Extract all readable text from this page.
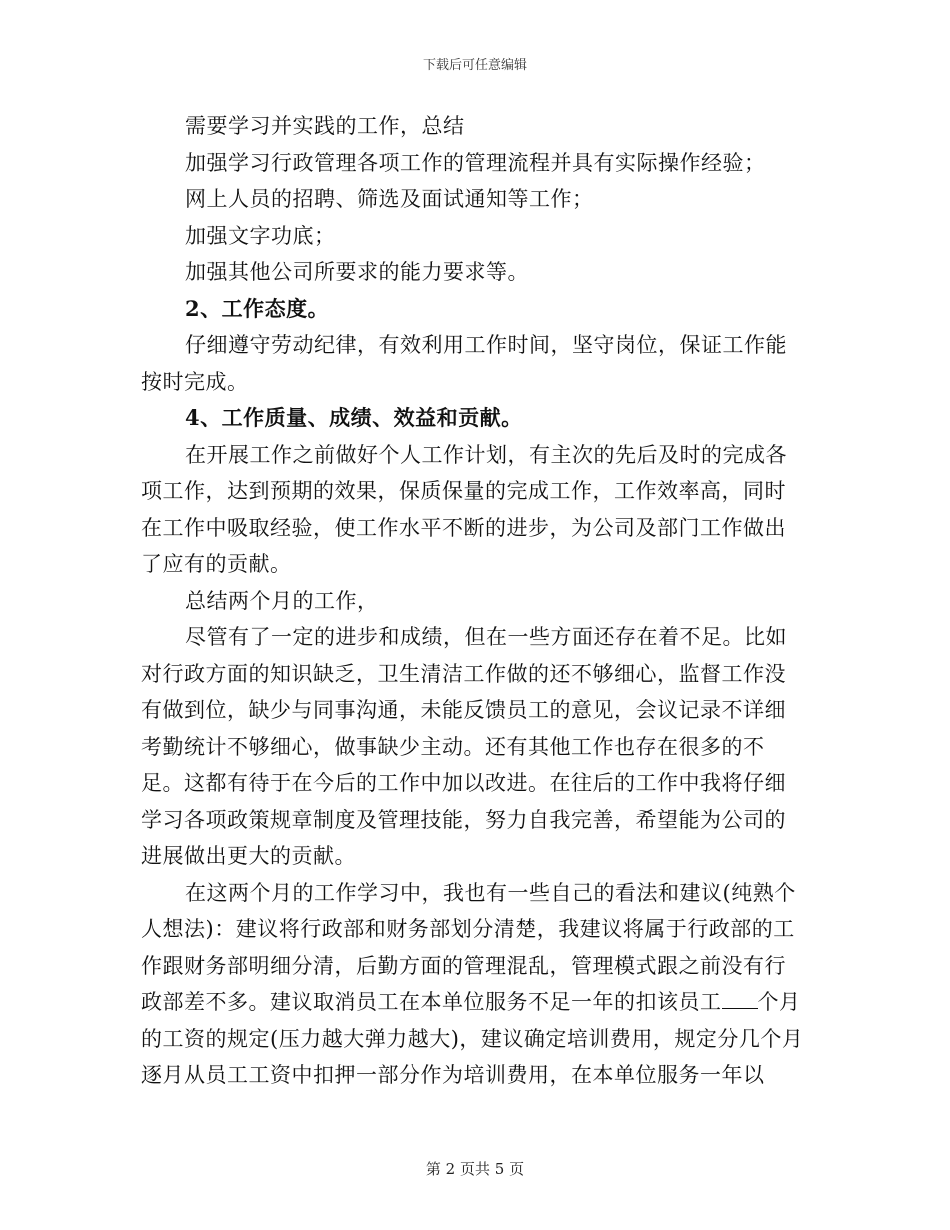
下载后可任意编辑

需要学习并实践的工作，总结

加强学习行政管理各项工作的管理流程并具有实际操作经验；

网上人员的招聘、筛选及面试通知等工作；

加强文字功底；

加强其他公司所要求的能力要求等。

2、工作态度。

仔细遵守劳动纪律，有效利用工作时间，坚守岗位，保证工作能按时完成。

4、工作质量、成绩、效益和贡献。

在开展工作之前做好个人工作计划，有主次的先后及时的完成各项工作，达到预期的效果，保质保量的完成工作，工作效率高，同时在工作中吸取经验，使工作水平不断的进步，为公司及部门工作做出了应有的贡献。

总结两个月的工作，

尽管有了一定的进步和成绩，但在一些方面还存在着不足。比如对行政方面的知识缺乏，卫生清洁工作做的还不够细心，监督工作没有做到位，缺少与同事沟通，未能反馈员工的意见，会议记录不详细考勤统计不够细心，做事缺少主动。还有其他工作也存在很多的不足。这都有待于在今后的工作中加以改进。在往后的工作中我将仔细学习各项政策规章制度及管理技能，努力自我完善，希望能为公司的进展做出更大的贡献。

在这两个月的工作学习中，我也有一些自己的看法和建议(纯熟个人想法)：建议将行政部和财务部划分清楚，我建议将属于行政部的工作跟财务部明细分清，后勤方面的管理混乱，管理模式跟之前没有行政部差不多。建议取消员工在本单位服务不足一年的扣该员工 个月的工资的规定(压力越大弹力越大)，建议确定培训费用，规定分几个月逐月从员工工资中扣押一部分作为培训费用，在本单位服务一年以

第 2 页共 5 页
